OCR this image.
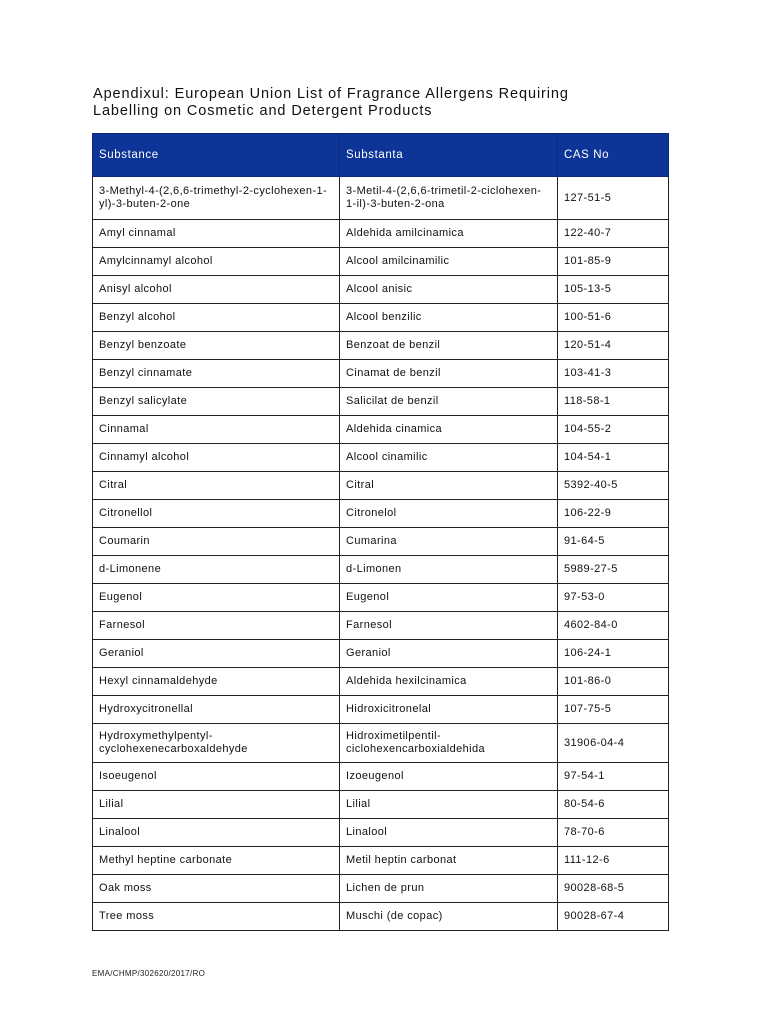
Apendixul: European Union List of Fragrance Allergens Requiring
Labelling on Cosmetic and Detergent Products
Substance	Substanta	CAS No
3-Methyl-4-(2,6,6-trimethyl-2-cyclohexen-1-yl)-3-buten-2-one	3-Metil-4-(2,6,6-trimetil-2-ciclohexen-1-il)-3-buten-2-ona	127-51-5
Amyl cinnamal	Aldehida amilcinamica	122-40-7
Amylcinnamyl alcohol	Alcool amilcinamilic	101-85-9
Anisyl alcohol	Alcool anisic	105-13-5
Benzyl alcohol	Alcool benzilic	100-51-6
Benzyl benzoate	Benzoat de benzil	120-51-4
Benzyl cinnamate	Cinamat de benzil	103-41-3
Benzyl salicylate	Salicilat de benzil	118-58-1
Cinnamal	Aldehida cinamica	104-55-2
Cinnamyl alcohol	Alcool cinamilic	104-54-1
Citral	Citral	5392-40-5
Citronellol	Citronelol	106-22-9
Coumarin	Cumarina	91-64-5
d-Limonene	d-Limonen	5989-27-5
Eugenol	Eugenol	97-53-0
Farnesol	Farnesol	4602-84-0
Geraniol	Geraniol	106-24-1
Hexyl cinnamaldehyde	Aldehida hexilcinamica	101-86-0
Hydroxycitronellal	Hidroxicitronelal	107-75-5
Hydroxymethylpentyl-cyclohexenecarboxaldehyde	Hidroximetilpentil-ciclohexencarboxialdehida	31906-04-4
Isoeugenol	Izoeugenol	97-54-1
Lilial	Lilial	80-54-6
Linalool	Linalool	78-70-6
Methyl heptine carbonate	Metil heptin carbonat	111-12-6
Oak moss	Lichen de prun	90028-68-5
Tree moss	Muschi (de copac)	90028-67-4
EMA/CHMP/302620/2017/RO
